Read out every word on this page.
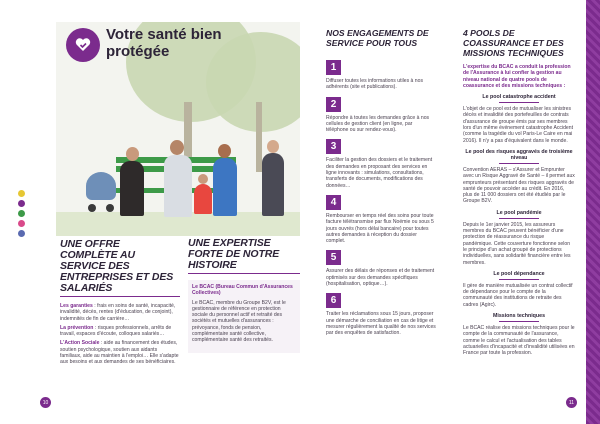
Votre santé bien protégée
UNE OFFRE COMPLÈTE AU SERVICE DES ENTREPRISES ET DES SALARIÉS

Les garanties : frais en soins de santé, incapacité, invalidité, décès, rentes (d'éducation, de conjoint), indemnités de fin de carrière…

La prévention : risques professionnels, arrêts de travail, espaces d'écoute, colloques salariés…

L'Action Sociale : aide au financement des études, soutien psychologique, soutien aux aidants familiaux, aide au maintien à l'emploi… Elle s'adapte aux besoins et aux demandes de ses bénéficiaires.

UNE EXPERTISE FORTE DE NOTRE HISTOIRE

Le BCAC (Bureau Commun d'Assurances Collectives)

Le BCAC, membre du Groupe B2V, est le gestionnaire de référence en protection sociale du personnel actif et retraité des sociétés et mutuelles d'assurances : prévoyance, fonds de pension, complémentaire santé collective, complémentaire santé des retraités.

10
NOS ENGAGEMENTS DE SERVICE POUR TOUS
1

Diffuser toutes les informations utiles à nos adhérents (site et publications).

2

Répondre à toutes les demandes grâce à nos cellules de gestion client (en ligne, par téléphone ou sur rendez-vous).

3

Faciliter la gestion des dossiers et le traitement des demandes en proposant des services en ligne innovants : simulations, consultations, transferts de documents, modifications des données…

4

Rembourser en temps réel des soins pour toute facture télétransmise par flux Noémie ou sous 5 jours ouvrés (hors délai bancaire) pour toutes autres demandes à réception du dossier complet.

5

Assurer des délais de réponses et de traitement optimisés sur des demandes spécifiques (hospitalisation, optique…).

6

Traiter les réclamations sous 15 jours, proposer une démarche de conciliation en cas de litige et mesurer régulièrement la qualité de nos services par des enquêtes de satisfaction.

4 POOLS DE COASSURANCE ET DES MISSIONS TECHNIQUES

L'expertise du BCAC a conduit la profession de l'Assurance à lui confier la gestion au niveau national de quatre pools de coassurance et des missions techniques :

Le pool catastrophe accident

L'objet de ce pool est de mutualiser les sinistres décès et invalidité des portefeuilles de contrats d'assurance de groupe émis par ses membres lors d'un même événement catastrophe Accident (comme la tragédie du vol Paris-Le Caire en mai 2016). Il n'y a pas d'équivalent dans le monde.

Le pool des risques aggravés de troisième niveau

Convention AERAS – s'Assurer et Emprunter avec un Risque Aggravé de Santé – il permet aux emprunteurs présentant des risques aggravés de santé de pouvoir accéder au crédit. En 2016, plus de 11 000 dossiers ont été étudiés par le Groupe B2V.

Le pool pandémie

Depuis le 1er janvier 2015, les assureurs membres du BCAC peuvent bénéficier d'une protection de réassurance du risque pandémique. Cette couverture fonctionne selon le principe d'un achat groupé de protections individuelles, sans solidarité financière entre les membres.

Le pool dépendance

Il gère de manière mutualisée un contrat collectif de dépendance pour le compte de la communauté des institutions de retraite des cadres (Agirc).

Missions techniques

Le BCAC réalise des missions techniques pour le compte de la communauté de l'assurance, comme le calcul et l'actualisation des tables actuarielles d'incapacité et d'invalidité utilisées en France par toute la profession.

11
